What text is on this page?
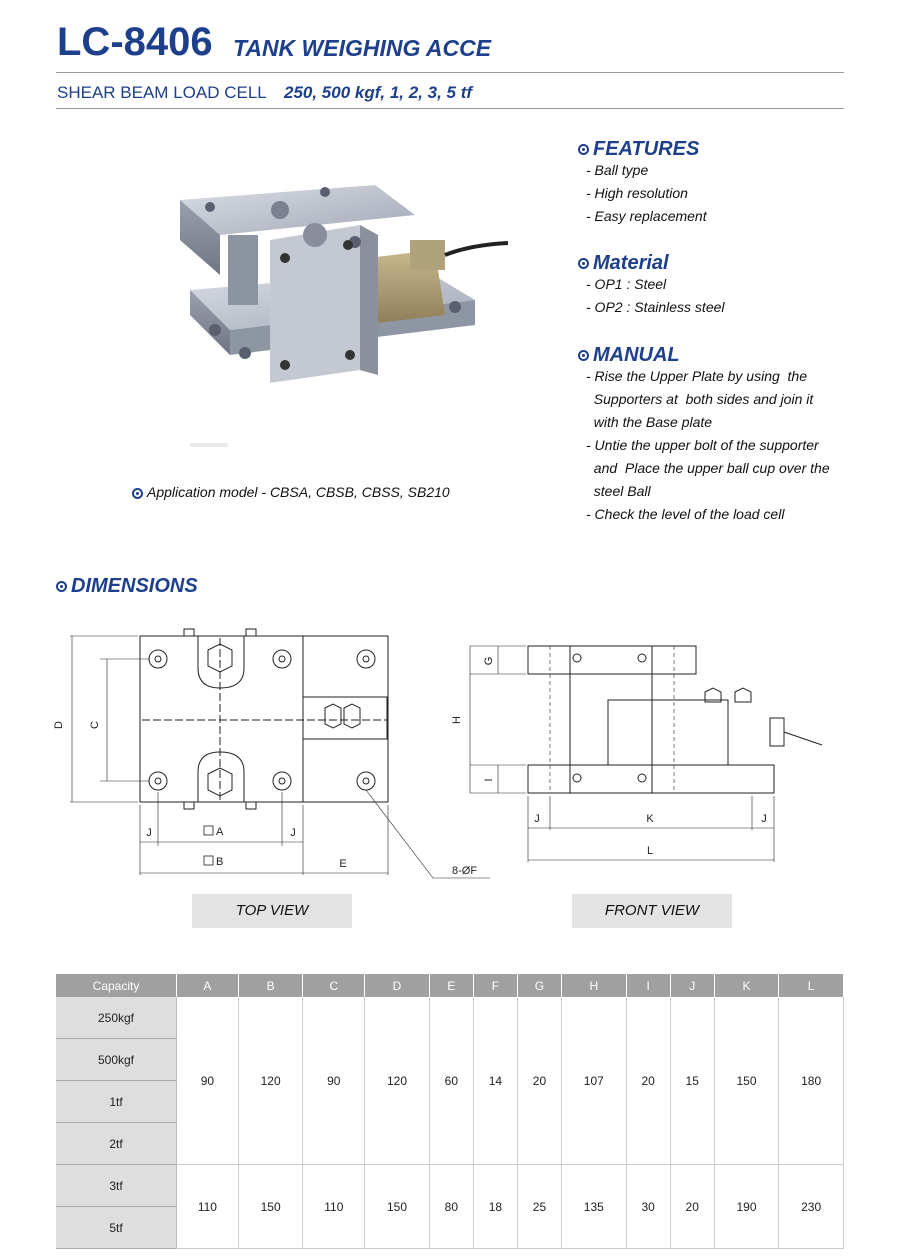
LC-8406 TANK WEIGHING ACCE
SHEAR BEAM LOAD CELL 250, 500 kgf, 1, 2, 3, 5 tf
Application model - CBSA, CBSB, CBSS, SB210
FEATURES
- Ball type
- High resolution
- Easy replacement
Material
- OP1 : Steel
- OP2 : Stainless steel
MANUAL
- Rise the Upper Plate by using  the
Supporters at  both sides and join it
with the Base plate
- Untie the upper bolt of the supporter
and  Place the upper ball cup over the
steel Ball
- Check the level of the load cell
DIMENSIONS
D C
J	A	J
B	E
8-ØF
G
H
I
J	K	J
L
TOP VIEW	FRONT VIEW
Capacity	A	B	C	D	E	F	G	H	I	J	K	L
250kgf	90	120	90	120	60	14	20	107	20	15	150	180
500kgf												
1tf												
2tf												
3tf	110	150	110	150	80	18	25	135	30	20	190	230
5tf												
